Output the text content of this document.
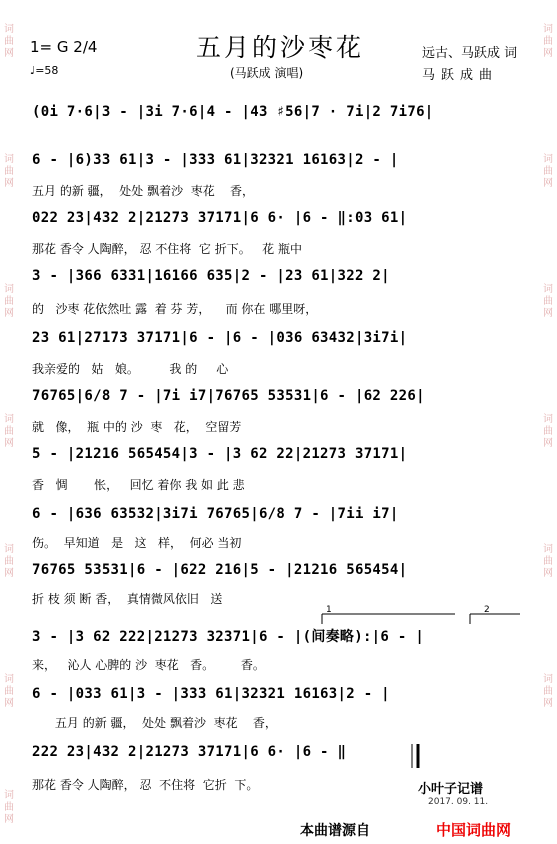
词曲网
词曲网
词曲网
词曲网
词曲网
词曲网
词曲网
词曲网
词曲网
词曲网
词曲网
词曲网
词曲网
1= G 2/4
♩=58
五月的沙枣花
(马跃成 演唱)
远古、马跃成 词
马跃成曲
(0i 7·6|3 - |3i 7·6|4 - |43 ♯56|7 · 7i|2 7i76|
6 - |6)33 61|3 - |333 61|32321 16163|2 - |
五月 的新 疆，  处处 飘着沙  枣花    香，
022 23|432 2|21273 37171|6 6· |6 - ‖:03 61|
那花 香令 人陶醉， 忍 不住将  它 折下。   花 瓶中
3 - |366 6331|16166 635|2 - |23 61|322 2|
的   沙枣 花依然吐 露  着 芬 芳，    而 你在 哪里呀，
23 61|27173 37171|6 - |6 - |036 63432|3i7i|
我亲爱的   姑   娘。        我 的     心
76765|6/8 7 - |7i i7|76765 53531|6 - |62 226|
就   像，  瓶 中的 沙  枣   花，  空留芳
5 - |21216 565454|3 - |3 62 22|21273 37171|
香   惆       怅，   回忆 着你 我 如 此 悲
6 - |636 63532|3i7i 76765|6/8 7 - |7ii i7|
伤。  早知道   是   这   样，  何必 当初
76765 53531|6 - |622 216|5 - |21216 565454|
折 枝 须 断 香，  真情微风依旧   送
1	2
3 - |3 62 222|21273 32371|6 - |(间奏略):|6 - |
来，   沁人 心脾的 沙  枣花   香。       香。
6 - |033 61|3 - |333 61|32321 16163|2 - |
五月 的新 疆，  处处 飘着沙  枣花    香，
222 23|432 2|21273 37171|6 6· |6 - ‖
那花 香令 人陶醉， 忍  不住将  它折  下。	小叶子记谱
2017. 09. 11.
本曲谱源自	中国词曲网
